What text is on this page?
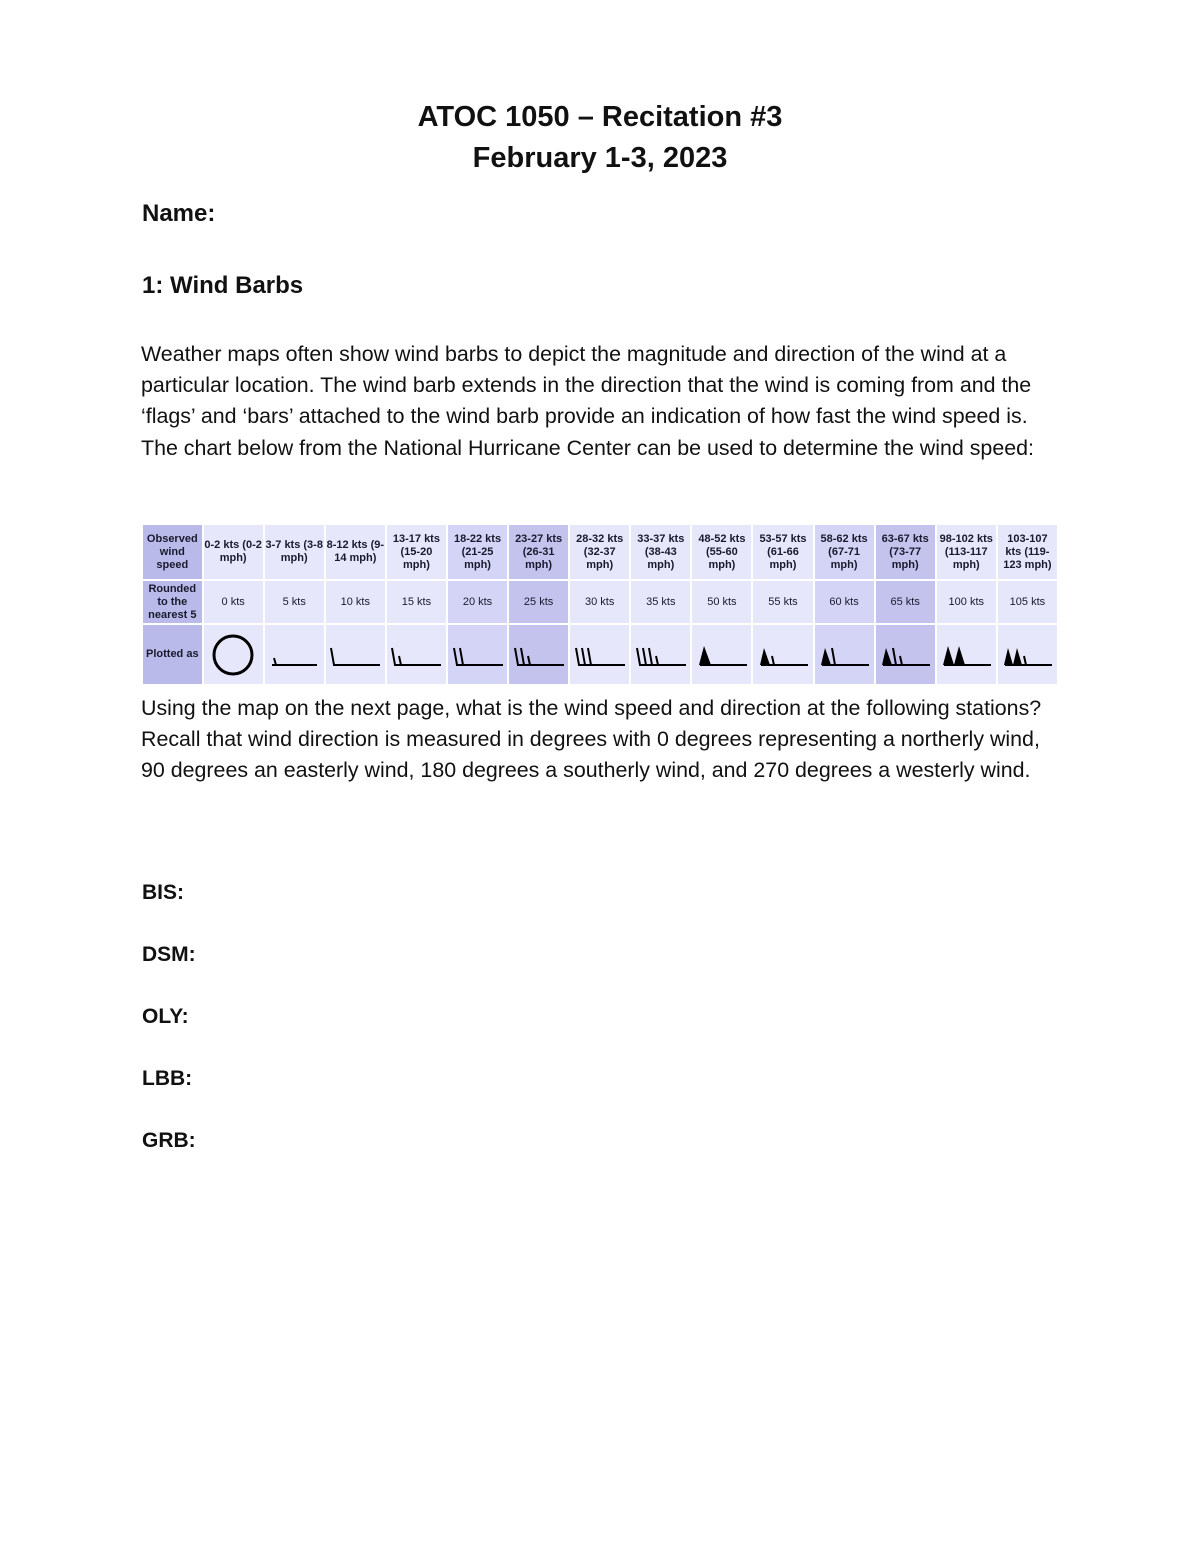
ATOC 1050 – Recitation #3
February 1-3, 2023

Name:

1: Wind Barbs

Weather maps often show wind barbs to depict the magnitude and direction of the wind at a particular location. The wind barb extends in the direction that the wind is coming from and the ‘flags’ and ‘bars’ attached to the wind barb provide an indication of how fast the wind speed is. The chart below from the National Hurricane Center can be used to determine the wind speed:

Observed wind speed	0-2 kts (0-2 mph)	3-7 kts (3-8 mph)	8-12 kts (9-14 mph)	13-17 kts (15-20 mph)	18-22 kts (21-25 mph)	23-27 kts (26-31 mph)	28-32 kts (32-37 mph)	33-37 kts (38-43 mph)	48-52 kts (55-60 mph)	53-57 kts (61-66 mph)	58-62 kts (67-71 mph)	63-67 kts (73-77 mph)	98-102 kts (113-117 mph)	103-107 kts (119-123 mph)
Rounded to the nearest 5	0 kts	5 kts	10 kts	15 kts	20 kts	25 kts	30 kts	35 kts	50 kts	55 kts	60 kts	65 kts	100 kts	105 kts
Plotted as	

Using the map on the next page, what is the wind speed and direction at the following stations? Recall that wind direction is measured in degrees with 0 degrees representing a northerly wind, 90 degrees an easterly wind, 180 degrees a southerly wind, and 270 degrees a westerly wind.

BIS:

DSM:

OLY:

LBB:

GRB:
